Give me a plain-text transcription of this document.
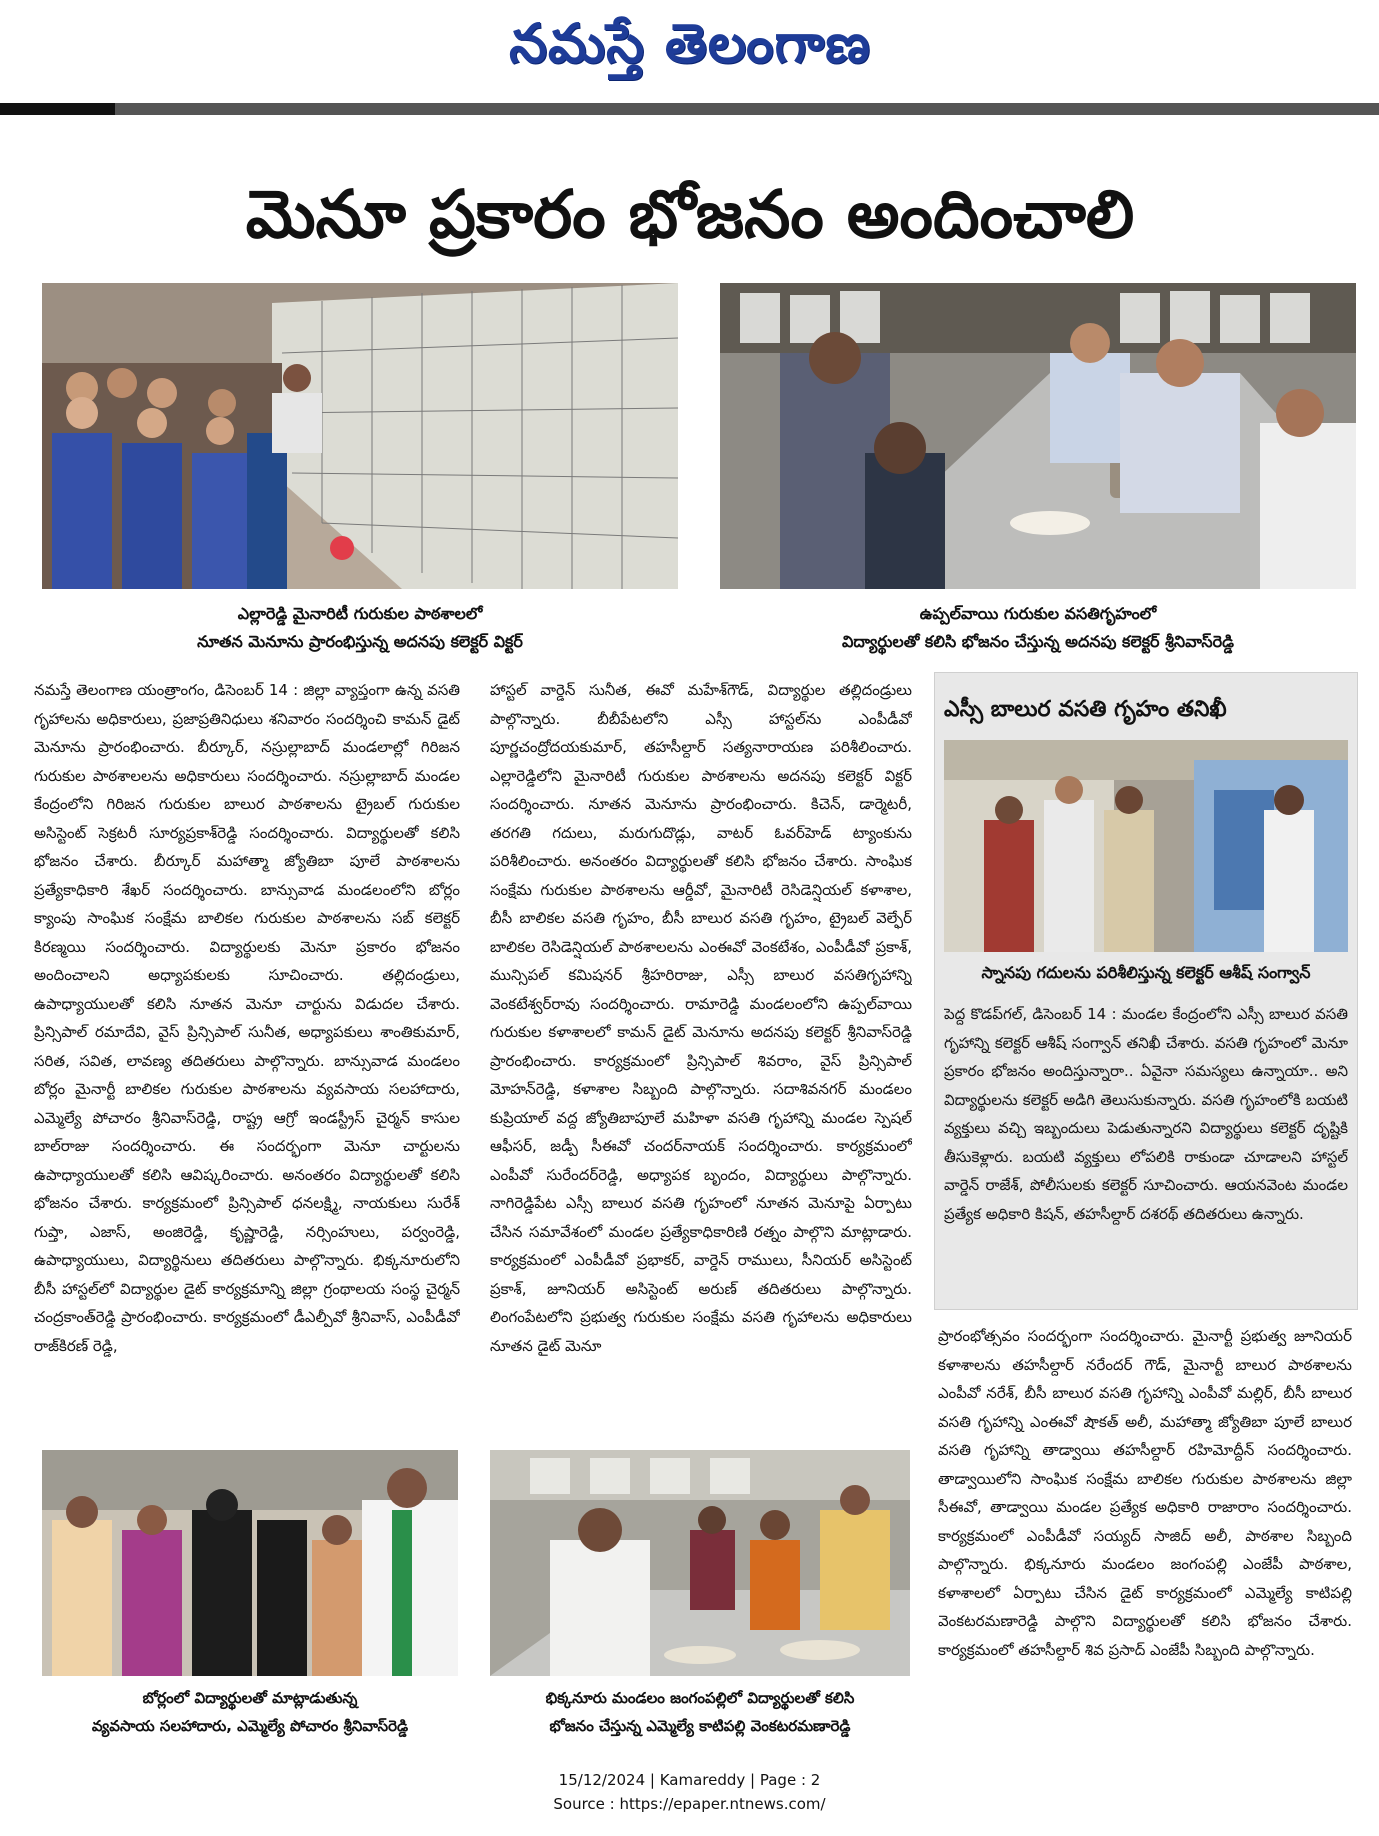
నమస్తే తెలంగాణ
మెనూ ప్రకారం భోజనం అందించాలి
ఎల్లారెడ్డి మైనారిటీ గురుకుల పాఠశాలలో
నూతన మెనూను ప్రారంభిస్తున్న అదనపు కలెక్టర్ విక్టర్
ఉప్పల్‌వాయి గురుకుల వసతిగృహంలో
విద్యార్థులతో కలిసి భోజనం చేస్తున్న అదనపు కలెక్టర్ శ్రీనివాస్‌రెడ్డి

నమస్తే తెలంగాణ యంత్రాంగం, డిసెంబర్ 14 : జిల్లా వ్యాప్తంగా ఉన్న వసతి గృహాలను అధికారులు, ప్రజాప్రతినిధులు శనివారం సందర్శించి కామన్ డైట్ మెనూను ప్రారంభించారు. బీర్కూర్, నస్రుల్లాబాద్ మండలాల్లో గిరిజన గురుకుల పాఠశాలలను అధికారులు సందర్శించారు. నస్రుల్లాబాద్ మండల కేంద్రంలోని గిరిజన గురుకుల బాలుర పాఠశాలను ట్రైబల్ గురుకుల అసిస్టెంట్ సెక్రటరీ సూర్యప్రకాశ్‌రెడ్డి సందర్శించారు. విద్యార్థులతో కలిసి భోజనం చేశారు. బీర్కూర్ మహాత్మా జ్యోతిబా పూలే పాఠశాలను ప్రత్యేకాధికారి శేఖర్ సందర్శించారు. బాన్సువాడ మండలంలోని బోర్లం క్యాంపు సాంఘిక సంక్షేమ బాలికల గురుకుల పాఠశాలను సబ్ కలెక్టర్ కిరణ్మయి సందర్శించారు. విద్యార్థులకు మెనూ ప్రకారం భోజనం అందించాలని అధ్యాపకులకు సూచించారు. తల్లిదండ్రులు, ఉపాధ్యాయులతో కలిసి నూతన మెనూ చార్టును విడుదల చేశారు. ప్రిన్సిపాల్ రమాదేవి, వైస్ ప్రిన్సిపాల్ సునీత, అధ్యాపకులు శాంతికుమార్, సరిత, సవిత, లావణ్య తదితరులు పాల్గొన్నారు. బాన్సువాడ మండలం బోర్లం మైనార్టీ బాలికల గురుకుల పాఠశాలను వ్యవసాయ సలహాదారు, ఎమ్మెల్యే పోచారం శ్రీనివాస్‌రెడ్డి, రాష్ట్ర ఆగ్రో ఇండస్ట్రీస్ చైర్మన్ కాసుల బాల్‌రాజు సందర్శించారు. ఈ సందర్భంగా మెనూ చార్టులను ఉపాధ్యాయులతో కలిసి ఆవిష్కరించారు. అనంతరం విద్యార్థులతో కలిసి భోజనం చేశారు. కార్యక్రమంలో ప్రిన్సిపాల్ ధనలక్ష్మి, నాయకులు సురేశ్ గుప్తా, ఎజాస్, అంజిరెడ్డి, కృష్ణారెడ్డి, నర్సింహులు, పర్వంరెడ్డి, ఉపాధ్యాయులు, విద్యార్థినులు తదితరులు పాల్గొన్నారు. భిక్కనూరులోని బీసీ హాస్టల్‌లో విద్యార్థుల డైట్ కార్యక్రమాన్ని జిల్లా గ్రంథాలయ సంస్థ చైర్మన్ చంద్రకాంత్‌రెడ్డి ప్రారంభించారు. కార్యక్రమంలో డీఎల్పీవో శ్రీనివాస్, ఎంపీడీవో రాజ్‌కిరణ్ రెడ్డి,

హాస్టల్ వార్డెన్ సునీత, ఈవో మహేశ్‌గౌడ్, విద్యార్థుల తల్లిదండ్రులు పాల్గొన్నారు. బీబీపేటలోని ఎస్సీ హాస్టల్‌ను ఎంపీడీవో పూర్ణచంద్రోదయకుమార్, తహసీల్దార్ సత్యనారాయణ పరిశీలించారు. ఎల్లారెడ్డిలోని మైనారిటీ గురుకుల పాఠశాలను అదనపు కలెక్టర్ విక్టర్ సందర్శించారు. నూతన మెనూను ప్రారంభించారు. కిచెన్, డార్మెటరీ, తరగతి గదులు, మరుగుదొడ్లు, వాటర్ ఓవర్‌హెడ్ ట్యాంకును పరిశీలించారు. అనంతరం విద్యార్థులతో కలిసి భోజనం చేశారు. సాంఘిక సంక్షేమ గురుకుల పాఠశాలను ఆర్డీవో, మైనారిటీ రెసిడెన్షియల్ కళాశాల, బీసీ బాలికల వసతి గృహం, బీసీ బాలుర వసతి గృహం, ట్రైబల్ వెల్ఫేర్ బాలికల రెసిడెన్షియల్ పాఠశాలలను ఎంఈవో వెంకటేశం, ఎంపీడీవో ప్రకాశ్, మున్సిపల్ కమిషనర్ శ్రీహరిరాజు, ఎస్సీ బాలుర వసతిగృహాన్ని వెంకటేశ్వర్‌రావు సందర్శించారు. రామారెడ్డి మండలంలోని ఉప్పల్‌వాయి గురుకుల కళాశాలలో కామన్ డైట్ మెనూను అదనపు కలెక్టర్ శ్రీనివాస్‌రెడ్డి ప్రారంభించారు. కార్యక్రమంలో ప్రిన్సిపాల్ శివరాం, వైస్ ప్రిన్సిపాల్ మోహన్‌రెడ్డి, కళాశాల సిబ్బంది పాల్గొన్నారు. సదాశివనగర్ మండలం కుప్రియాల్ వద్ద జ్యోతిబాపూలే మహిళా వసతి గృహాన్ని మండల స్పెషల్ ఆఫీసర్, జడ్పీ సీఈవో చందర్‌నాయక్ సందర్శించారు. కార్యక్రమంలో ఎంపీవో సురేందర్‌రెడ్డి, అధ్యాపక బృందం, విద్యార్థులు పాల్గొన్నారు. నాగిరెడ్డిపేట ఎస్సీ బాలుర వసతి గృహంలో నూతన మెనూపై ఏర్పాటు చేసిన సమావేశంలో మండల ప్రత్యేకాధికారిణి రత్నం పాల్గొని మాట్లాడారు. కార్యక్రమంలో ఎంపీడీవో ప్రభాకర్, వార్డెన్ రాములు, సీనియర్ అసిస్టెంట్ ప్రకాశ్, జూనియర్ అసిస్టెంట్ అరుణ్ తదితరులు పాల్గొన్నారు. లింగంపేటలోని ప్రభుత్వ గురుకుల సంక్షేమ వసతి గృహాలను అధికారులు నూతన డైట్ మెనూ

ఎస్సీ బాలుర వసతి గృహం తనిఖీ
స్నానపు గదులను పరిశీలిస్తున్న కలెక్టర్ ఆశీష్ సంగ్వాన్

పెద్ద కొడప్‌గల్, డిసెంబర్ 14 : మండల కేంద్రంలోని ఎస్సీ బాలుర వసతి గృహాన్ని కలెక్టర్ ఆశీష్ సంగ్వాన్ తనిఖీ చేశారు. వసతి గృహంలో మెనూ ప్రకారం భోజనం అందిస్తున్నారా.. ఏవైనా సమస్యలు ఉన్నాయా.. అని విద్యార్థులను కలెక్టర్ అడిగి తెలుసుకున్నారు. వసతి గృహంలోకి బయటి వ్యక్తులు వచ్చి ఇబ్బందులు పెడుతున్నారని విద్యార్థులు కలెక్టర్ దృష్టికి తీసుకెళ్లారు. బయటి వ్యక్తులు లోపలికి రాకుండా చూడాలని హాస్టల్ వార్డెన్ రాజేశ్, పోలీసులకు కలెక్టర్ సూచించారు. ఆయనవెంట మండల ప్రత్యేక అధికారి కిషన్, తహసీల్దార్ దశరథ్ తదితరులు ఉన్నారు.

ప్రారంభోత్సవం సందర్భంగా సందర్శించారు. మైనార్టీ ప్రభుత్వ జూనియర్ కళాశాలను తహసీల్దార్ నరేందర్ గౌడ్, మైనార్టీ బాలుర పాఠశాలను ఎంపీవో నరేశ్, బీసీ బాలుర వసతి గృహాన్ని ఎంపీవో మల్లిర్, బీసీ బాలుర వసతి గృహాన్ని ఎంఈవో షౌకత్ అలీ, మహాత్మా జ్యోతిబా పూలే బాలుర వసతి గృహాన్ని తాడ్వాయి తహసీల్దార్ రహిమోద్దీన్ సందర్శించారు. తాడ్వాయిలోని సాంఘిక సంక్షేమ బాలికల గురుకుల పాఠశాలను జిల్లా సీఈవో, తాడ్వాయి మండల ప్రత్యేక అధికారి రాజారాం సందర్శించారు. కార్యక్రమంలో ఎంపీడీవో సయ్యద్ సాజిద్ అలీ, పాఠశాల సిబ్బంది పాల్గొన్నారు. భిక్కనూరు మండలం జంగంపల్లి ఎంజేపీ పాఠశాల, కళాశాలలో ఏర్పాటు చేసిన డైట్ కార్యక్రమంలో ఎమ్మెల్యే కాటిపల్లి వెంకటరమణారెడ్డి పాల్గొని విద్యార్థులతో కలిసి భోజనం చేశారు. కార్యక్రమంలో తహసీల్దార్ శివ ప్రసాద్ ఎంజేపీ సిబ్బంది పాల్గొన్నారు.

బోర్లంలో విద్యార్థులతో మాట్లాడుతున్న
వ్యవసాయ సలహాదారు, ఎమ్మెల్యే పోచారం శ్రీనివాస్‌రెడ్డి
భిక్కనూరు మండలం జంగంపల్లిలో విద్యార్థులతో కలిసి
భోజనం చేస్తున్న ఎమ్మెల్యే కాటిపల్లి వెంకటరమణారెడ్డి
15/12/2024 | Kamareddy | Page : 2
Source : https://epaper.ntnews.com/
